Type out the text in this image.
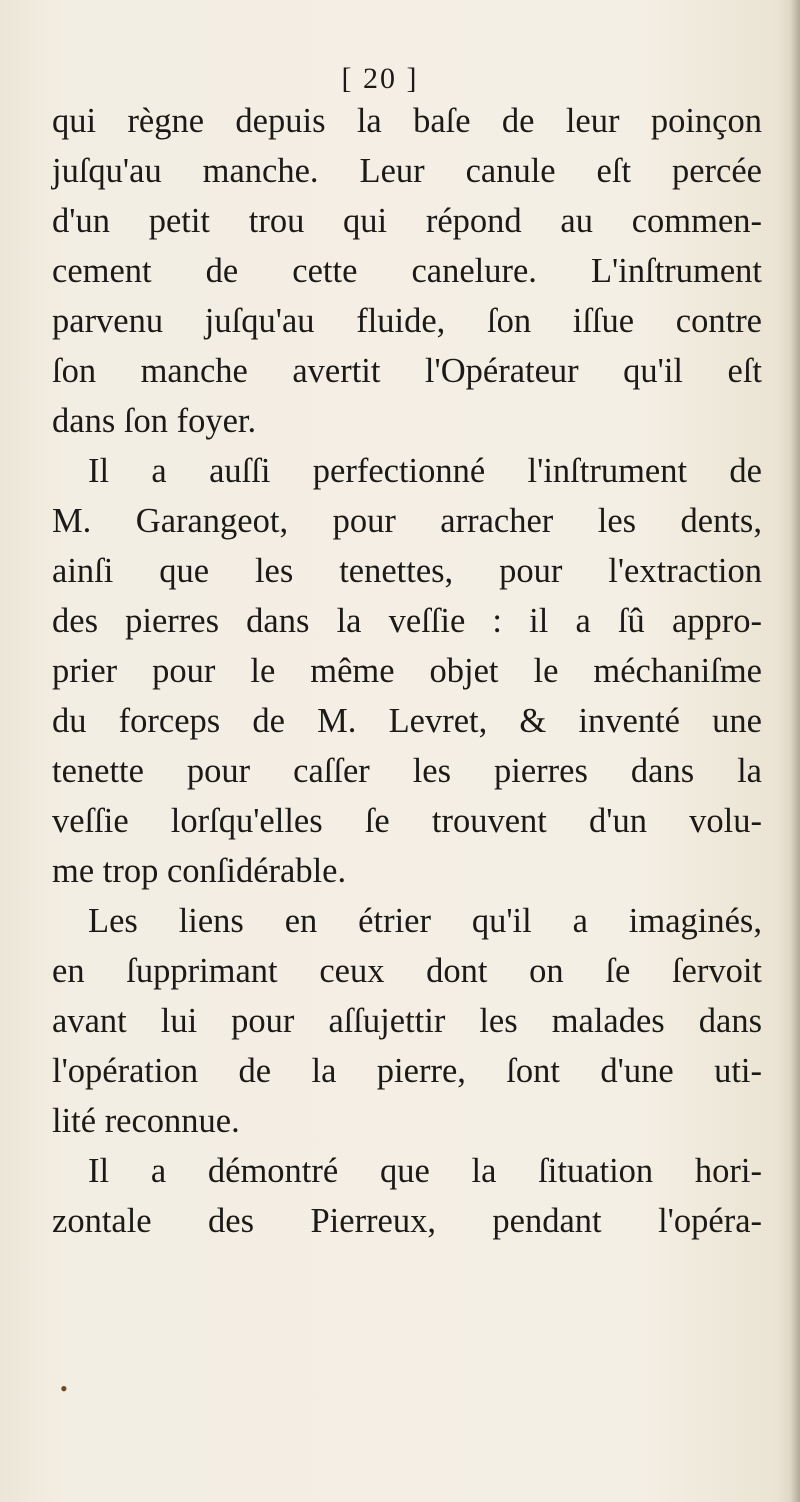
[ 20 ]
qui règne depuis la baſe de leur poinçon
juſqu'au manche. Leur canule eſt percée
d'un petit trou qui répond au commen-
cement de cette canelure. L'inſtrument
parvenu juſqu'au fluide, ſon iſſue contre
ſon manche avertit l'Opérateur qu'il eſt
dans ſon foyer.
Il a auſſi perfectionné l'inſtrument de
M. Garangeot, pour arracher les dents,
ainſi que les tenettes, pour l'extraction
des pierres dans la veſſie : il a ſû appro-
prier pour le même objet le méchaniſme
du forceps de M. Levret, & inventé une
tenette pour caſſer les pierres dans la
veſſie lorſqu'elles ſe trouvent d'un volu-
me trop conſidérable.
Les liens en étrier qu'il a imaginés,
en ſupprimant ceux dont on ſe ſervoit
avant lui pour aſſujettir les malades dans
l'opération de la pierre, ſont d'une uti-
lité reconnue.
Il a démontré que la ſituation hori-
zontale des Pierreux, pendant l'opéra-
•
